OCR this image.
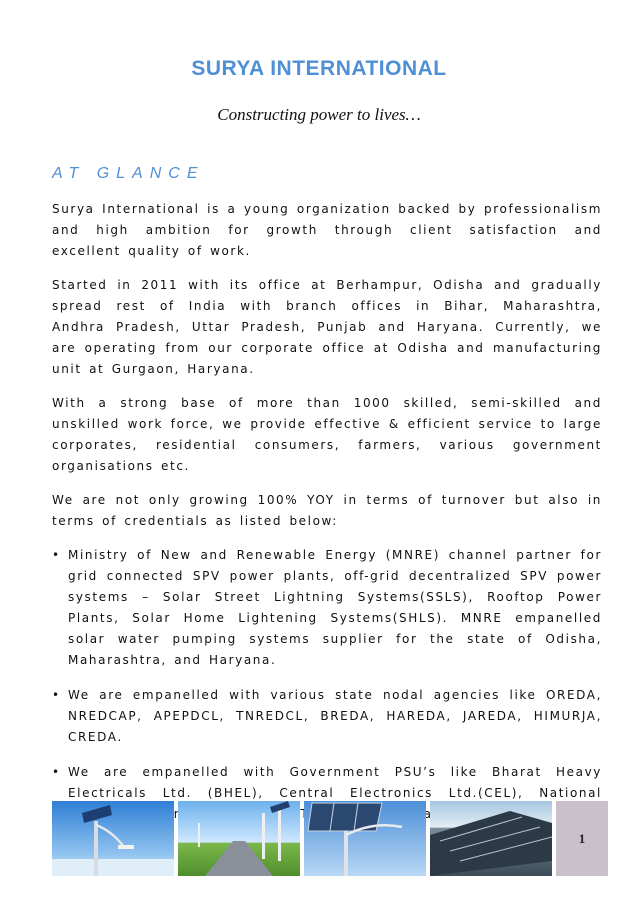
SURYA INTERNATIONAL
Constructing power to lives…
AT GLANCE

Surya International is a young organization backed by professionalism and high ambition for growth through client satisfaction and excellent quality of work.

Started in 2011 with its office at Berhampur, Odisha and gradually spread rest of India with branch offices in Bihar, Maharashtra, Andhra Pradesh, Uttar Pradesh, Punjab and Haryana. Currently, we are operating from our corporate office at Odisha and manufacturing unit at Gurgaon, Haryana.

With a strong base of more than 1000 skilled, semi-skilled and unskilled work force, we provide effective & efficient service to large corporates, residential consumers, farmers, various government organisations etc.

We are not only growing 100% YOY in terms of turnover but also in terms of credentials as listed below:

• Ministry of New and Renewable Energy (MNRE) channel partner for grid connected SPV power plants, off-grid decentralized SPV power systems – Solar Street Lightning Systems(SSLS), Rooftop Power Plants, Solar Home Lightening Systems(SHLS). MNRE empanelled solar water pumping systems supplier for the state of Odisha, Maharashtra, and Haryana.
• We are empanelled with various state nodal agencies like OREDA, NREDCAP, APEPDCL, TNREDCL, BREDA, HAREDA, JAREDA, HIMURJA, CREDA.
• We are empanelled with Government PSU’s like Bharat Heavy Electricals Ltd. (BHEL), Central Electronics Ltd.(CEL), National
1
